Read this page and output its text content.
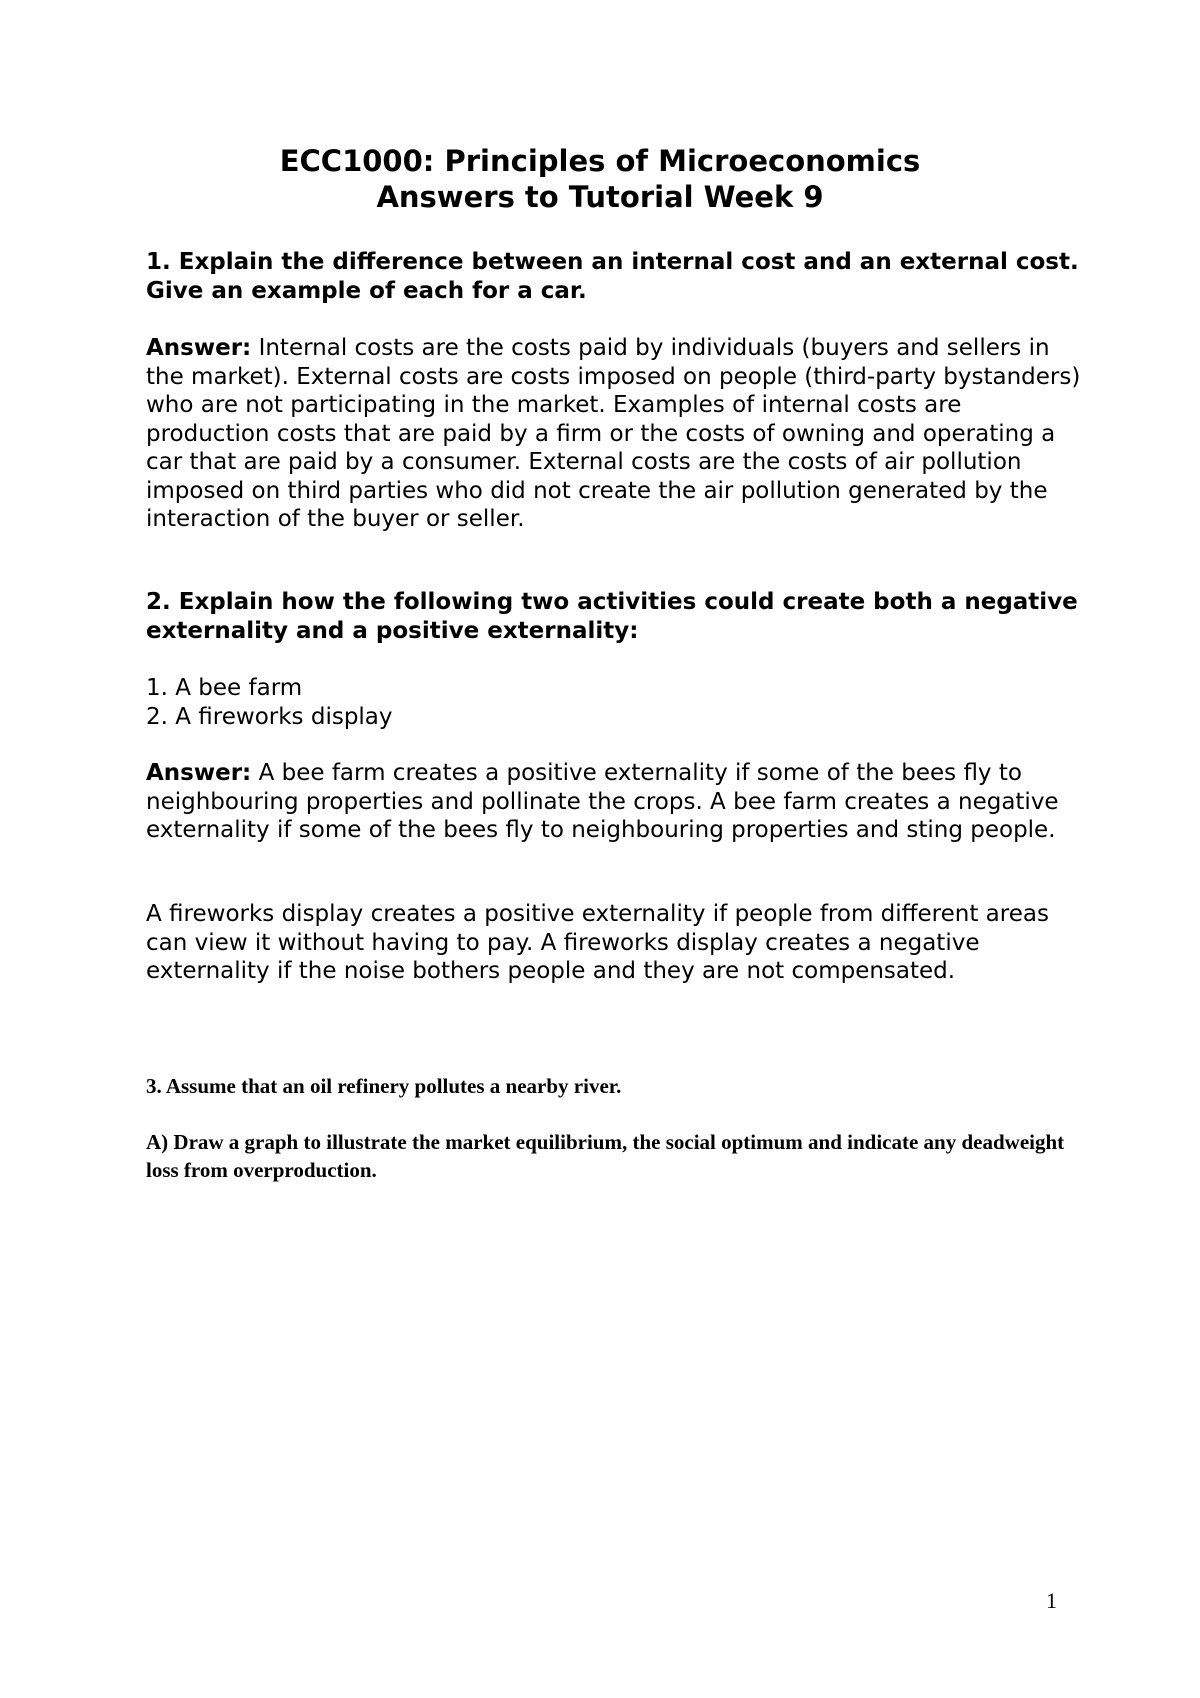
ECC1000: Principles of Microeconomics
Answers to Tutorial Week 9

1. Explain the difference between an internal cost and an external cost. Give an example of each for a car.

Answer: Internal costs are the costs paid by individuals (buyers and sellers in the market). External costs are costs imposed on people (third-party bystanders) who are not participating in the market. Examples of internal costs are production costs that are paid by a firm or the costs of owning and operating a car that are paid by a consumer. External costs are the costs of air pollution imposed on third parties who did not create the air pollution generated by the interaction of the buyer or seller.

2. Explain how the following two activities could create both a negative externality and a positive externality:

1. A bee farm

2. A fireworks display

Answer: A bee farm creates a positive externality if some of the bees fly to neighbouring properties and pollinate the crops. A bee farm creates a negative externality if some of the bees fly to neighbouring properties and sting people.

A fireworks display creates a positive externality if people from different areas can view it without having to pay. A fireworks display creates a negative externality if the noise bothers people and they are not compensated.

3. Assume that an oil refinery pollutes a nearby river.

A) Draw a graph to illustrate the market equilibrium, the social optimum and indicate any deadweight loss from overproduction.

1
